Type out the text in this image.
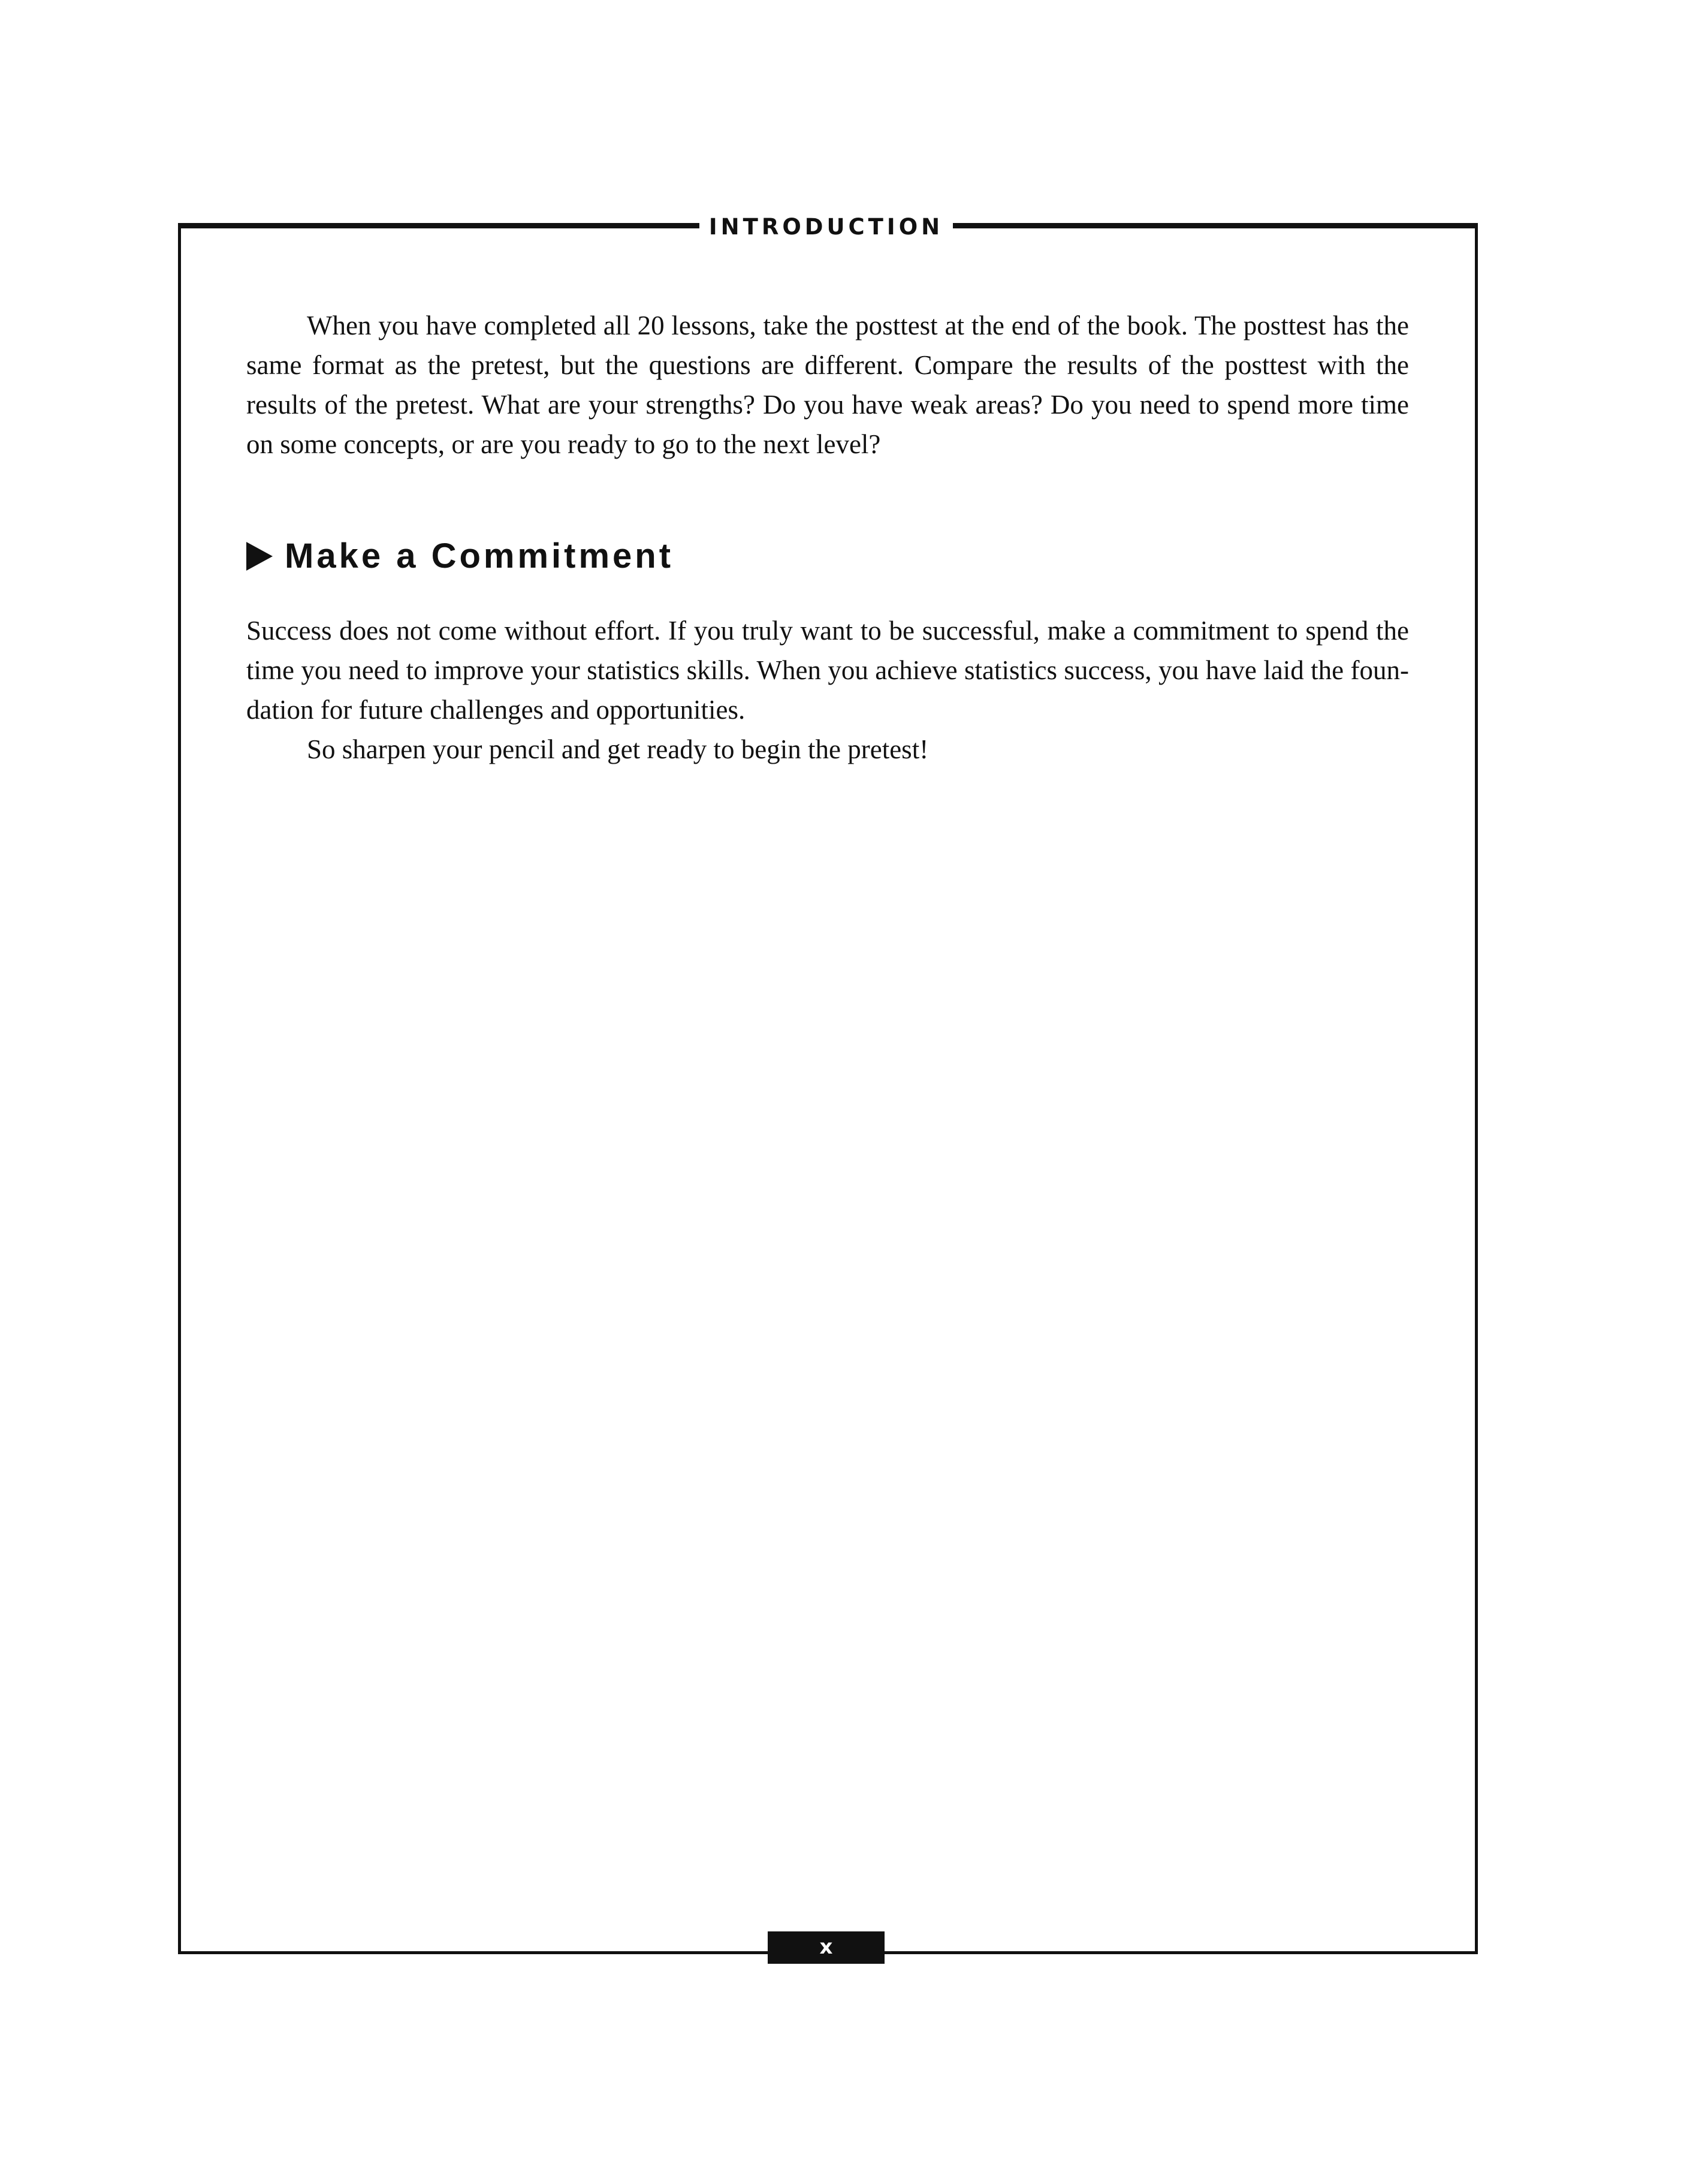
INTRODUCTION

When you have completed all 20 lessons, take the posttest at the end of the book. The posttest has the same format as the pretest, but the questions are different. Compare the results of the posttest with the results of the pretest. What are your strengths? Do you have weak areas? Do you need to spend more time on some concepts, or are you ready to go to the next level?

Make a Commitment

Success does not come without effort. If you truly want to be successful, make a commitment to spend the time you need to improve your statistics skills. When you achieve statistics success, you have laid the foun-dation for future challenges and opportunities.

So sharpen your pencil and get ready to begin the pretest!

x
